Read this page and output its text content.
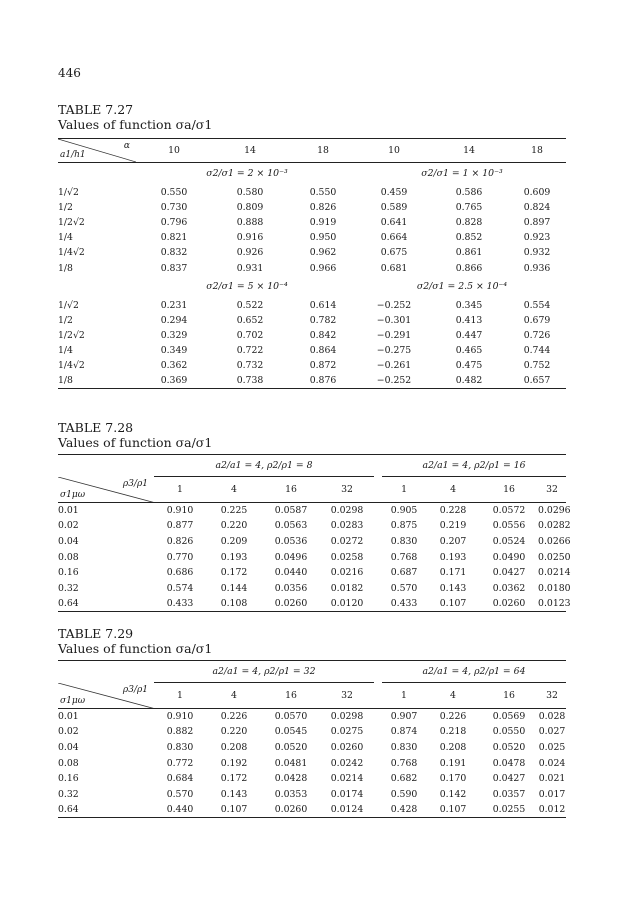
446
TABLE 7.27
Values of function σa/σ1
α
a1/h1	10	14	18	10	14	18
	σ2/σ1 = 2 × 10⁻³			σ2/σ1 = 1 × 10⁻³		
1/√2	0.550	0.580	0.550	0.459	0.586	0.609
1/2	0.730	0.809	0.826	0.589	0.765	0.824
1/2√2	0.796	0.888	0.919	0.641	0.828	0.897
1/4	0.821	0.916	0.950	0.664	0.852	0.923
1/4√2	0.832	0.926	0.962	0.675	0.861	0.932
1/8	0.837	0.931	0.966	0.681	0.866	0.936
	σ2/σ1 = 5 × 10⁻⁴			σ2/σ1 = 2.5 × 10⁻⁴		
1/√2	0.231	0.522	0.614	−0.252	0.345	0.554
1/2	0.294	0.652	0.782	−0.301	0.413	0.679
1/2√2	0.329	0.702	0.842	−0.291	0.447	0.726
1/4	0.349	0.722	0.864	−0.275	0.465	0.744
1/4√2	0.362	0.732	0.872	−0.261	0.475	0.752
1/8	0.369	0.738	0.876	−0.252	0.482	0.657
TABLE 7.28
Values of function σa/σ1
	a2/a1 = 4, ρ2/ρ1 = 8					a2/a1 = 4, ρ2/ρ1 = 16			

ρ3/ρ1
σ1μω	1	4	16	32		1	4	16	32
0.01	0.910	0.225	0.0587	0.0298		0.905	0.228	0.0572	0.0296
0.02	0.877	0.220	0.0563	0.0283		0.875	0.219	0.0556	0.0282
0.04	0.826	0.209	0.0536	0.0272		0.830	0.207	0.0524	0.0266
0.08	0.770	0.193	0.0496	0.0258		0.768	0.193	0.0490	0.0250
0.16	0.686	0.172	0.0440	0.0216		0.687	0.171	0.0427	0.0214
0.32	0.574	0.144	0.0356	0.0182		0.570	0.143	0.0362	0.0180
0.64	0.433	0.108	0.0260	0.0120		0.433	0.107	0.0260	0.0123
TABLE 7.29
Values of function σa/σ1
	a2/a1 = 4, ρ2/ρ1 = 32					a2/a1 = 4, ρ2/ρ1 = 64			

ρ3/ρ1
σ1μω	1	4	16	32		1	4	16	32
0.01	0.910	0.226	0.0570	0.0298		0.907	0.226	0.0569	0.028
0.02	0.882	0.220	0.0545	0.0275		0.874	0.218	0.0550	0.027
0.04	0.830	0.208	0.0520	0.0260		0.830	0.208	0.0520	0.025
0.08	0.772	0.192	0.0481	0.0242		0.768	0.191	0.0478	0.024
0.16	0.684	0.172	0.0428	0.0214		0.682	0.170	0.0427	0.021
0.32	0.570	0.143	0.0353	0.0174		0.590	0.142	0.0357	0.017
0.64	0.440	0.107	0.0260	0.0124		0.428	0.107	0.0255	0.012
